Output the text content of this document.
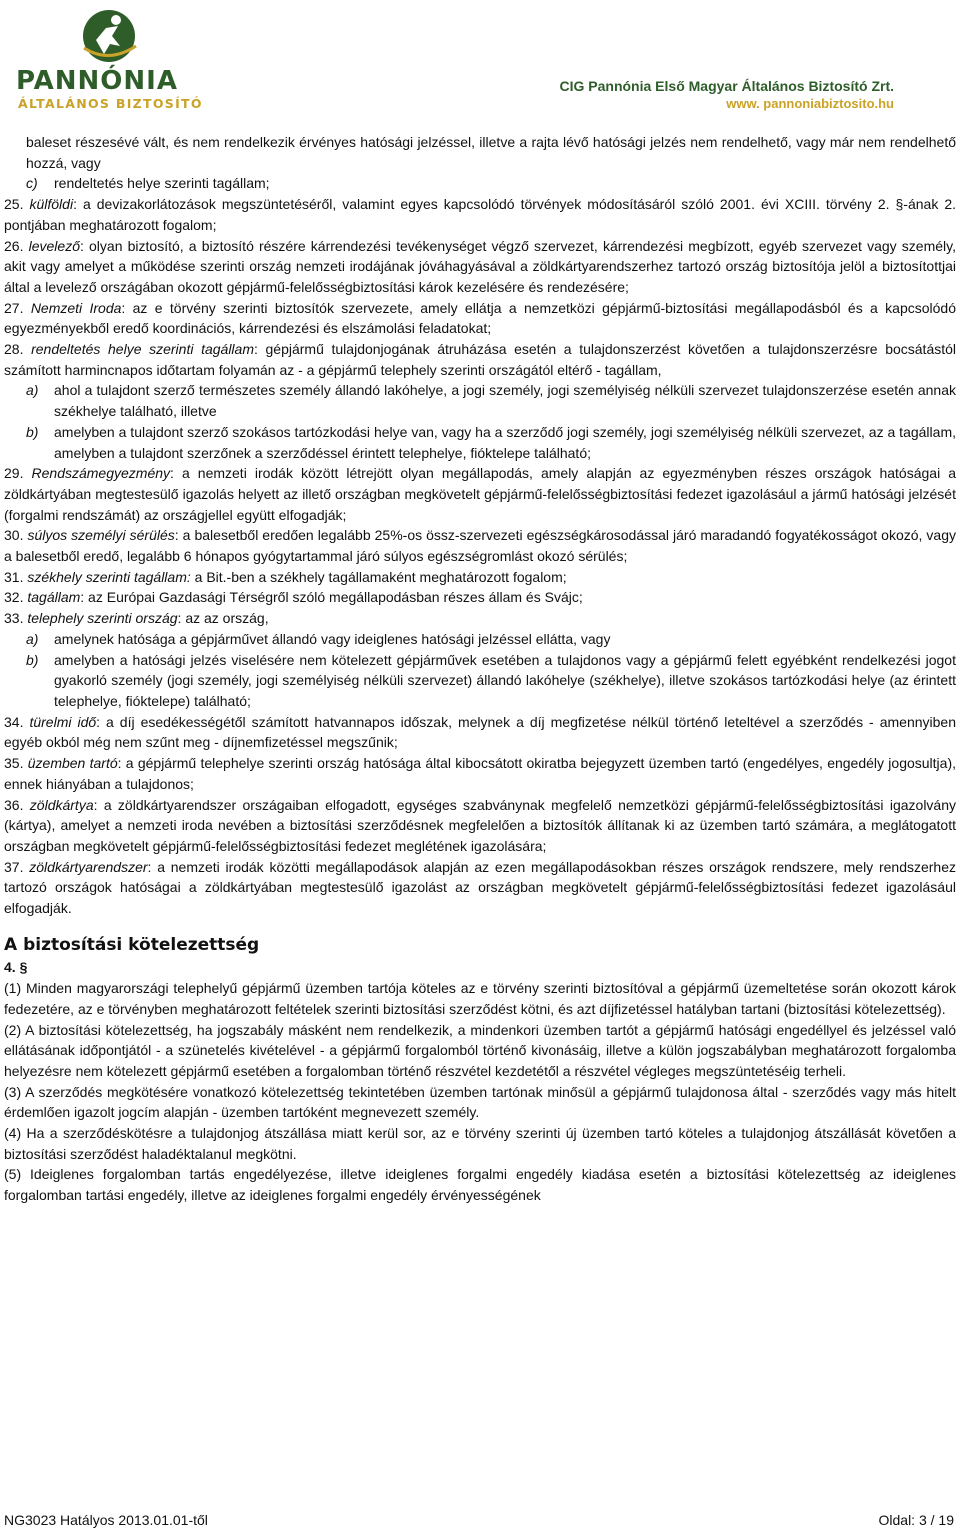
PANNÓNIA
ÁLTALÁNOS BIZTOSÍTÓ
CIG Pannónia Első Magyar Általános Biztosító Zrt.
www. pannoniabiztosito.hu

baleset részesévé vált, és nem rendelkezik érvényes hatósági jelzéssel, illetve a rajta lévő hatósági jelzés nem rendelhető, vagy már nem rendelhető hozzá, vagy

c) rendeltetés helye szerinti tagállam;

25. külföldi: a devizakorlátozások megszüntetéséről, valamint egyes kapcsolódó törvények módosításáról szóló 2001. évi XCIII. törvény 2. §-ának 2. pontjában meghatározott fogalom;

26. levelező: olyan biztosító, a biztosító részére kárrendezési tevékenységet végző szervezet, kárrendezési megbízott, egyéb szervezet vagy személy, akit vagy amelyet a működése szerinti ország nemzeti irodájának jóváhagyásával a zöldkártyarendszerhez tartozó ország biztosítója jelöl a biztosítottjai által a levelező országában okozott gépjármű-felelősségbiztosítási károk kezelésére és rendezésére;

27. Nemzeti Iroda: az e törvény szerinti biztosítók szervezete, amely ellátja a nemzetközi gépjármű-biztosítási megállapodásból és a kapcsolódó egyezményekből eredő koordinációs, kárrendezési és elszámolási feladatokat;

28. rendeltetés helye szerinti tagállam: gépjármű tulajdonjogának átruházása esetén a tulajdonszerzést követően a tulajdonszerzésre bocsátástól számított harmincnapos időtartam folyamán az - a gépjármű telephely szerinti országától eltérő - tagállam,

a) ahol a tulajdont szerző természetes személy állandó lakóhelye, a jogi személy, jogi személyiség nélküli szervezet tulajdonszerzése esetén annak székhelye található, illetve

b) amelyben a tulajdont szerző szokásos tartózkodási helye van, vagy ha a szerződő jogi személy, jogi személyiség nélküli szervezet, az a tagállam, amelyben a tulajdont szerzőnek a szerződéssel érintett telephelye, fióktelepe található;

29. Rendszámegyezmény: a nemzeti irodák között létrejött olyan megállapodás, amely alapján az egyezményben részes országok hatóságai a zöldkártyában megtestesülő igazolás helyett az illető országban megkövetelt gépjármű-felelősségbiztosítási fedezet igazolásául a jármű hatósági jelzését (forgalmi rendszámát) az országjellel együtt elfogadják;

30. súlyos személyi sérülés: a balesetből eredően legalább 25%-os össz-szervezeti egészségkárosodással járó maradandó fogyatékosságot okozó, vagy a balesetből eredő, legalább 6 hónapos gyógytartammal járó súlyos egészségromlást okozó sérülés;

31. székhely szerinti tagállam: a Bit.-ben a székhely tagállamaként meghatározott fogalom;

32. tagállam: az Európai Gazdasági Térségről szóló megállapodásban részes állam és Svájc;

33. telephely szerinti ország: az az ország,

a) amelynek hatósága a gépjárművet állandó vagy ideiglenes hatósági jelzéssel ellátta, vagy

b) amelyben a hatósági jelzés viselésére nem kötelezett gépjárművek esetében a tulajdonos vagy a gépjármű felett egyébként rendelkezési jogot gyakorló személy (jogi személy, jogi személyiség nélküli szervezet) állandó lakóhelye (székhelye), illetve szokásos tartózkodási helye (az érintett telephelye, fióktelepe) található;

34. türelmi idő: a díj esedékességétől számított hatvannapos időszak, melynek a díj megfizetése nélkül történő leteltével a szerződés - amennyiben egyéb okból még nem szűnt meg - díjnemfizetéssel megszűnik;

35. üzemben tartó: a gépjármű telephelye szerinti ország hatósága által kibocsátott okiratba bejegyzett üzemben tartó (engedélyes, engedély jogosultja), ennek hiányában a tulajdonos;

36. zöldkártya: a zöldkártyarendszer országaiban elfogadott, egységes szabványnak megfelelő nemzetközi gépjármű-felelősségbiztosítási igazolvány (kártya), amelyet a nemzeti iroda nevében a biztosítási szerződésnek megfelelően a biztosítók állítanak ki az üzemben tartó számára, a meglátogatott országban megkövetelt gépjármű-felelősségbiztosítási fedezet meglétének igazolására;

37. zöldkártyarendszer: a nemzeti irodák közötti megállapodások alapján az ezen megállapodásokban részes országok rendszere, mely rendszerhez tartozó országok hatóságai a zöldkártyában megtestesülő igazolást az országban megkövetelt gépjármű-felelősségbiztosítási fedezet igazolásául elfogadják.

A biztosítási kötelezettség

4. §

(1) Minden magyarországi telephelyű gépjármű üzemben tartója köteles az e törvény szerinti biztosítóval a gépjármű üzemeltetése során okozott károk fedezetére, az e törvényben meghatározott feltételek szerinti biztosítási szerződést kötni, és azt díjfizetéssel hatályban tartani (biztosítási kötelezettség).

(2) A biztosítási kötelezettség, ha jogszabály másként nem rendelkezik, a mindenkori üzemben tartót a gépjármű hatósági engedéllyel és jelzéssel való ellátásának időpontjától - a szünetelés kivételével - a gépjármű forgalomból történő kivonásáig, illetve a külön jogszabályban meghatározott forgalomba helyezésre nem kötelezett gépjármű esetében a forgalomban történő részvétel kezdetétől a részvétel végleges megszüntetéséig terheli.

(3) A szerződés megkötésére vonatkozó kötelezettség tekintetében üzemben tartónak minősül a gépjármű tulajdonosa által - szerződés vagy más hitelt érdemlően igazolt jogcím alapján - üzemben tartóként megnevezett személy.

(4) Ha a szerződéskötésre a tulajdonjog átszállása miatt kerül sor, az e törvény szerinti új üzemben tartó köteles a tulajdonjog átszállását követően a biztosítási szerződést haladéktalanul megkötni.

(5) Ideiglenes forgalomban tartás engedélyezése, illetve ideiglenes forgalmi engedély kiadása esetén a biztosítási kötelezettség az ideiglenes forgalomban tartási engedély, illetve az ideiglenes forgalmi engedély érvényességének

NG3023 Hatályos 2013.01.01-től	Oldal: 3 / 19
